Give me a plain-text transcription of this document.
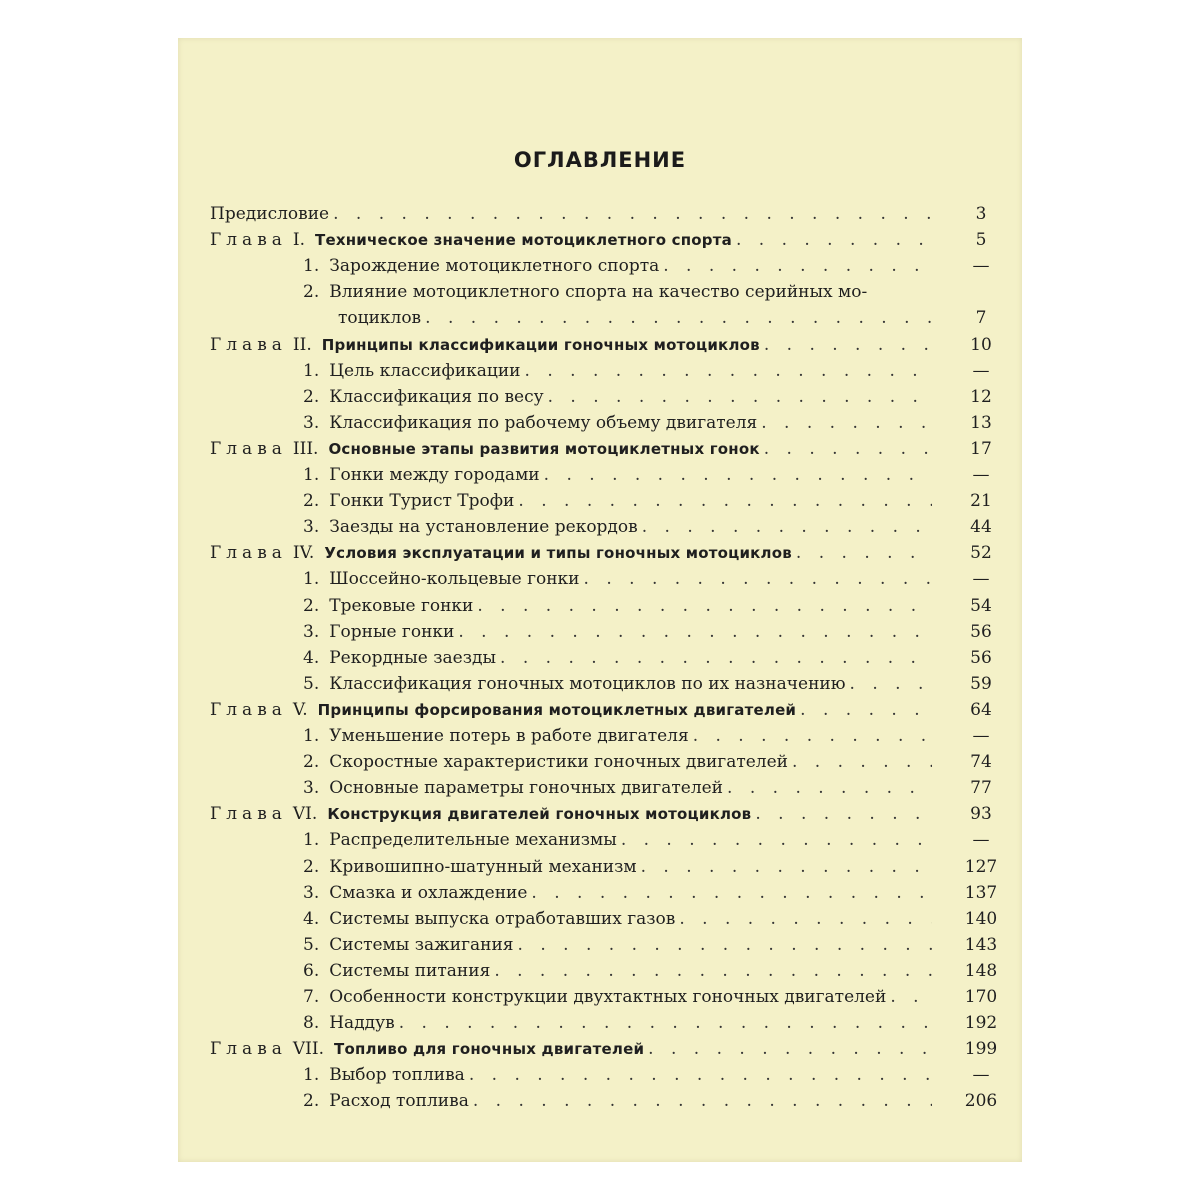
ОГЛАВЛЕНИЕ
Предисловие . . .	3
Глава I. Техническое значение мотоциклетного спорта . . .	5
1. Зарождение мотоциклетного спорта . . .	—
2. Влияние мотоциклетного спорта на качество серийных мо-
тоциклов . . .	7
Глава II. Принципы классификации гоночных мотоциклов . . .	10
1. Цель классификации . . .	—
2. Классификация по весу . . .	12
3. Классификация по рабочему объему двигателя . . .	13
Глава III. Основные этапы развития мотоциклетных гонок . . .	17
1. Гонки между городами . . .	—
2. Гонки Турист Трофи . . .	21
3. Заезды на установление рекордов . . .	44
Глава IV. Условия эксплуатации и типы гоночных мотоциклов . . .	52
1. Шоссейно-кольцевые гонки . . .	—
2. Трековые гонки . . .	54
3. Горные гонки . . .	56
4. Рекордные заезды . . .	56
5. Классификация гоночных мотоциклов по их назначению . . .	59
Глава V. Принципы форсирования мотоциклетных двигателей . . .	64
1. Уменьшение потерь в работе двигателя . . .	—
2. Скоростные характеристики гоночных двигателей . . .	74
3. Основные параметры гоночных двигателей . . .	77
Глава VI. Конструкция двигателей гоночных мотоциклов . . .	93
1. Распределительные механизмы . . .	—
2. Кривошипно-шатунный механизм . . .	127
3. Смазка и охлаждение . . .	137
4. Системы выпуска отработавших газов . . .	140
5. Системы зажигания . . .	143
6. Системы питания . . .	148
7. Особенности конструкции двухтактных гоночных двигателей . . .	170
8. Наддув . . .	192
Глава VII. Топливо для гоночных двигателей . . .	199
1. Выбор топлива . . .	—
2. Расход топлива . . .	206
